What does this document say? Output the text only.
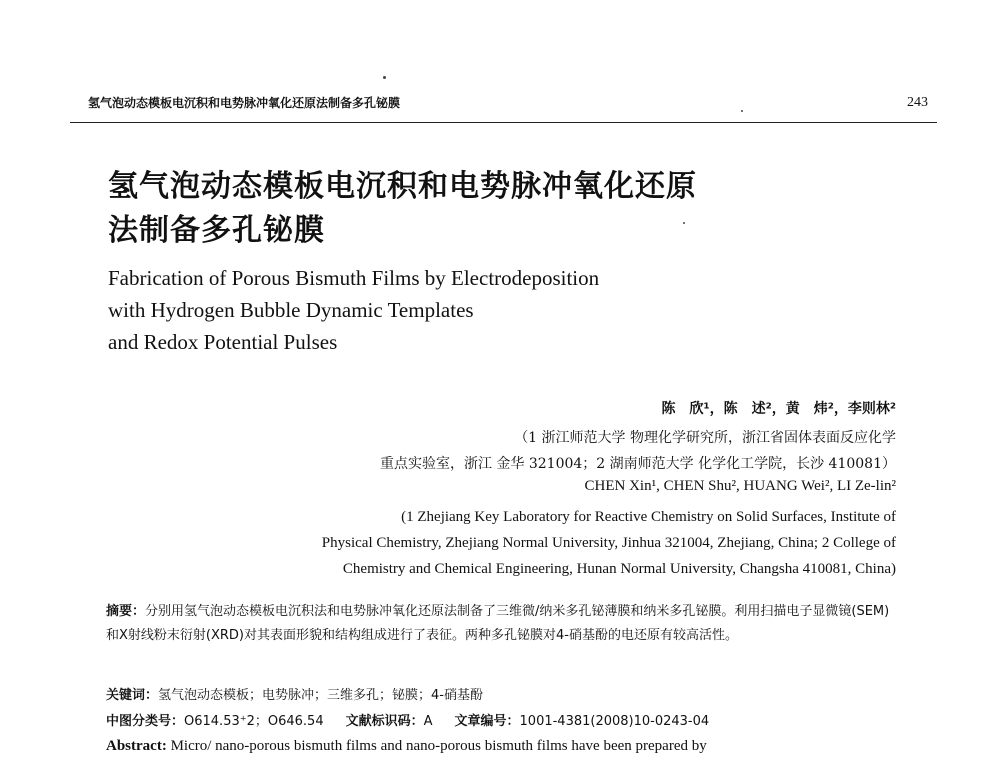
氢气泡动态模板电沉积和电势脉冲氧化还原法制备多孔铋膜	243
氢气泡动态模板电沉积和电势脉冲氧化还原
法制备多孔铋膜
Fabrication of Porous Bismuth Films by Electrodeposition
with Hydrogen Bubble Dynamic Templates
and Redox Potential Pulses
陈　欣¹，陈　述²，黄　炜²，李则林²
（1 浙江师范大学 物理化学研究所，浙江省固体表面反应化学
重点实验室，浙江 金华 321004；2 湖南师范大学 化学化工学院，长沙 410081）
CHEN Xin¹, CHEN Shu², HUANG Wei², LI Ze-lin²
(1 Zhejiang Key Laboratory for Reactive Chemistry on Solid Surfaces, Institute of
Physical Chemistry, Zhejiang Normal University, Jinhua 321004, Zhejiang, China; 2 College of
Chemistry and Chemical Engineering, Hunan Normal University, Changsha 410081, China)
摘要：分别用氢气泡动态模板电沉积法和电势脉冲氧化还原法制备了三维微/纳米多孔铋薄膜和纳米多孔铋膜。利用扫描电子显微镜(SEM)和X射线粉末衍射(XRD)对其表面形貌和结构组成进行了表征。两种多孔铋膜对4-硝基酚的电还原有较高活性。
关键词：氢气泡动态模板；电势脉冲；三维多孔；铋膜；4-硝基酚
中图分类号：O614.53⁺2；O646.54 文献标识码：A 文章编号：1001-4381(2008)10-0243-04
Abstract: Micro/ nano-porous bismuth films and nano-porous bismuth films have been prepared by
